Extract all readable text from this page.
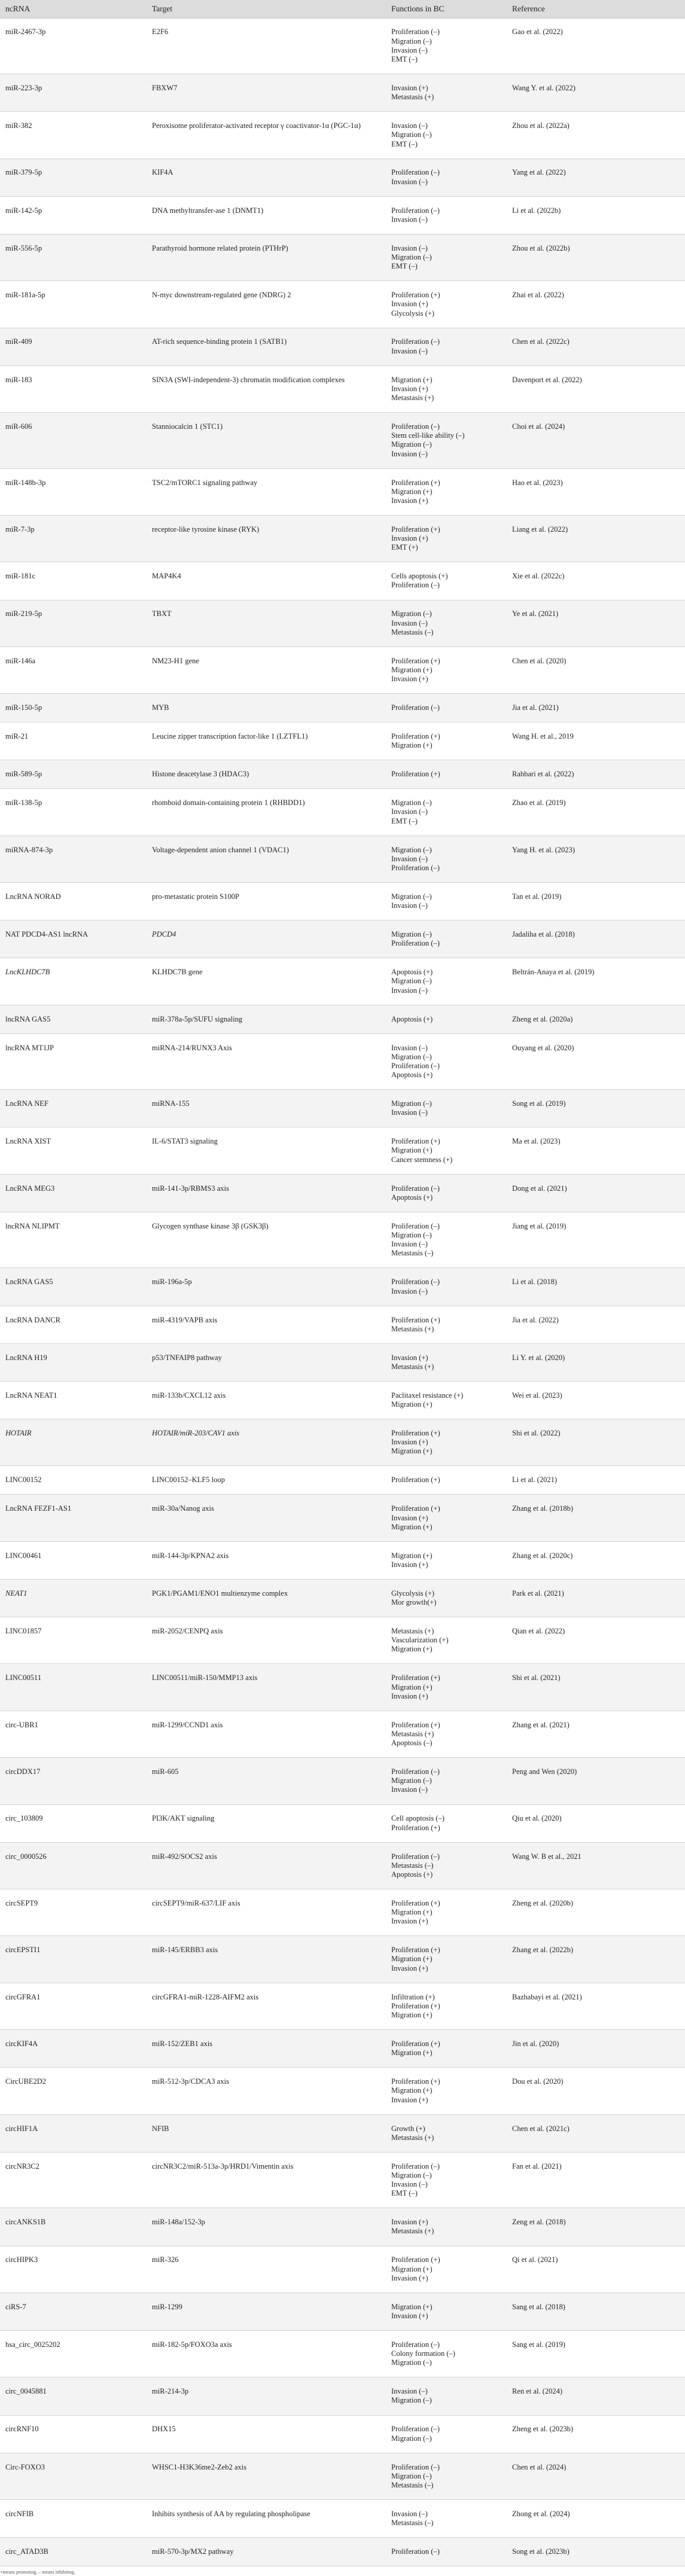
ncRNA	Target	Functions in BC	Reference
miR-2467-3p	E2F6	Proliferation (–)
Migration (–)
Invasion (–)
EMT (–)	Gao et al. (2022)
miR-223-3p	FBXW7	Invasion (+)
Metastasis (+)	Wang Y. et al. (2022)
miR-382	Peroxisome proliferator-activated receptor γ coactivator-1α (PGC-1α)	Invasion (–)
Migration (–)
EMT (–)	Zhou et al. (2022a)
miR-379-5p	KIF4A	Proliferation (–)
Invasion (–)	Yang et al. (2022)
miR-142-5p	DNA methyltransfer-ase 1 (DNMT1)	Proliferation (–)
Invasion (–)	Li et al. (2022b)
miR-556-5p	Parathyroid hormone related protein (PTHrP)	Invasion (–)
Migration (–)
EMT (–)	Zhou et al. (2022b)
miR-181a-5p	N-myc downstream-regulated gene (NDRG) 2	Proliferation (+)
Invasion (+)
Glycolysis (+)	Zhai et al. (2022)
miR-409	AT-rich sequence-binding protein 1 (SATB1)	Proliferation (–)
Invasion (–)	Chen et al. (2022c)
miR-183	SIN3A (SWI-independent-3) chromatin modification complexes	Migration (+)
Invasion (+)
Metastasis (+)	Davenport et al. (2022)
miR-606	Stanniocalcin 1 (STC1)	Proliferation (–)
Stem cell-like ability (–)
Migration (–)
Invasion (–)	Choi et al. (2024)
miR-148b-3p	TSC2/mTORC1 signaling pathway	Proliferation (+)
Migration (+)
Invasion (+)	Hao et al. (2023)
miR-7-3p	receptor-like tyrosine kinase (RYK)	Proliferation (+)
Invasion (+)
EMT (+)	Liang et al. (2022)
miR-181c	MAP4K4	Cells apoptosis (+)
Proliferation (–)	Xie et al. (2022c)
miR-219-5p	TBXT	Migration (–)
Invasion (–)
Metastasis (–)	Ye et al. (2021)
miR-146a	NM23-H1 gene	Proliferation (+)
Migration (+)
Invasion (+)	Chen et al. (2020)
miR-150-5p	MYB	Proliferation (–)	Jia et al. (2021)
miR-21	Leucine zipper transcription factor-like 1 (LZTFL1)	Proliferation (+)
Migration (+)	Wang H. et al., 2019
miR-589-5p	Histone deacetylase 3 (HDAC3)	Proliferation (+)	Rahbari et al. (2022)
miR-138-5p	rhomboid domain-containing protein 1 (RHBDD1)	Migration (–)
Invasion (–)
EMT (–)	Zhao et al. (2019)
miRNA-874-3p	Voltage-dependent anion channel 1 (VDAC1)	Migration (–)
Invasion (–)
Proliferation (–)	Yang H. et al. (2023)
LncRNA NORAD	pro-metastatic protein S100P	Migration (–)
Invasion (–)	Tan et al. (2019)
NAT PDCD4-AS1 lncRNA	PDCD4	Migration (–)
Proliferation (–)	Jadaliha et al. (2018)
LncKLHDC7B	KLHDC7B gene	Apoptosis (+)
Migration (–)
Invasion (–)	Beltrán-Anaya et al. (2019)
lncRNA GAS5	miR-378a-5p/SUFU signaling	Apoptosis (+)	Zheng et al. (2020a)
lncRNA MT1JP	miRNA-214/RUNX3 Axis	Invasion (–)
Migration (–)
Proliferation (–)
Apoptosis (+)	Ouyang et al. (2020)
LncRNA NEF	miRNA-155	Migration (–)
Invasion (–)	Song et al. (2019)
LncRNA XIST	IL-6/STAT3 signaling	Proliferation (+)
Migration (+)
Cancer stemness (+)	Ma et al. (2023)
LncRNA MEG3	miR-141-3p/RBMS3 axis	Proliferation (–)
Apoptosis (+)	Dong et al. (2021)
lncRNA NLIPMT	Glycogen synthase kinase 3β (GSK3β)	Proliferation (–)
Migration (–)
Invasion (–)
Metastasis (–)	Jiang et al. (2019)
LncRNA GAS5	miR-196a-5p	Proliferation (–)
Invasion (–)	Li et al. (2018)
LncRNA DANCR	miR-4319/VAPB axis	Proliferation (+)
Metastasis (+)	Jia et al. (2022)
LncRNA H19	p53/TNFAIP8 pathway	Invasion (+)
Metastasis (+)	Li Y. et al. (2020)
LncRNA NEAT1	miR-133b/CXCL12 axis	Paclitaxel resistance (+)
Migration (+)	Wei et al. (2023)
HOTAIR	HOTAIR/miR-203/CAV1 axis	Proliferation (+)
Invasion (+)
Migration (+)	Shi et al. (2022)
LINC00152	LINC00152–KLF5 loop	Proliferation (+)	Li et al. (2021)
LncRNA FEZF1-AS1	miR-30a/Nanog axis	Proliferation (+)
Invasion (+)
Migration (+)	Zhang et al. (2018b)
LINC00461	miR-144-3p/KPNA2 axis	Migration (+)
Invasion (+)	Zhang et al. (2020c)
NEAT1	PGK1/PGAM1/ENO1 multienzyme complex	Glycolysis (+)
Mor growth(+)	Park et al. (2021)
LINC01857	miR-2052/CENPQ axis	Metastasis (+)
Vascularization (+)
Migration (+)	Qian et al. (2022)
LINC00511	LINC00511/miR-150/MMP13 axis	Proliferation (+)
Migration (+)
Invasion (+)	Shi et al. (2021)
circ-UBR1	miR-1299/CCND1 axis	Proliferation (+)
Metastasis (+)
Apoptosis (–)	Zhang et al. (2021)
circDDX17	miR-605	Proliferation (–)
Migration (–)
Invasion (–)	Peng and Wen (2020)
circ_103809	PI3K/AKT signaling	Cell apoptosis (–)
Proliferation (+)	Qiu et al. (2020)
circ_0000526	miR-492/SOCS2 axis	Proliferation (–)
Metastasis (–)
Apoptosis (+)	Wang W. B et al., 2021
circSEPT9	circSEPT9/miR-637/LIF axis	Proliferation (+)
Migration (+)
Invasion (+)	Zheng et al. (2020b)
circEPSTI1	miR-145/ERBB3 axis	Proliferation (+)
Migration (+)
Invasion (+)	Zhang et al. (2022b)
circGFRA1	circGFRA1-miR-1228-AIFM2 axis	Infiltration (+)
Proliferation (+)
Migration (+)	Bazhabayi et al. (2021)
circKIF4A	miR-152/ZEB1 axis	Proliferation (+)
Migration (+)	Jin et al. (2020)
CircUBE2D2	miR-512-3p/CDCA3 axis	Proliferation (+)
Migration (+)
Invasion (+)	Dou et al. (2020)
circHIF1A	NFIB	Growth (+)
Metastasis (+)	Chen et al. (2021c)
circNR3C2	circNR3C2/miR-513a-3p/HRD1/Vimentin axis	Proliferation (–)
Migration (–)
Invasion (–)
EMT (–)	Fan et al. (2021)
circANKS1B	miR-148a/152-3p	Invasion (+)
Metastasis (+)	Zeng et al. (2018)
circHIPK3	miR-326	Proliferation (+)
Migration (+)
Invasion (+)	Qi et al. (2021)
ciRS-7	miR-1299	Migration (+)
Invasion (+)	Sang et al. (2018)
hsa_circ_0025202	miR-182-5p/FOXO3a axis	Proliferation (–)
Colony formation (–)
Migration (–)	Sang et al. (2019)
circ_0045881	miR-214-3p	Invasion (–)
Migration (–)	Ren et al. (2024)
circRNF10	DHX15	Proliferation (–)
Migration (–)	Zheng et al. (2023b)
Circ-FOXO3	WHSC1-H3K36me2-Zeb2 axis	Proliferation (–)
Migration (–)
Metastasis (–)	Chen et al. (2024)
circNFIB	Inhibits synthesis of AA by regulating phospholipase	Invasion (–)
Metastasis (–)	Zhong et al. (2024)
circ_ATAD3B	miR-570-3p/MX2 pathway	Proliferation (–)	Song et al. (2023b)
+means promoting, – means inhibiting.
